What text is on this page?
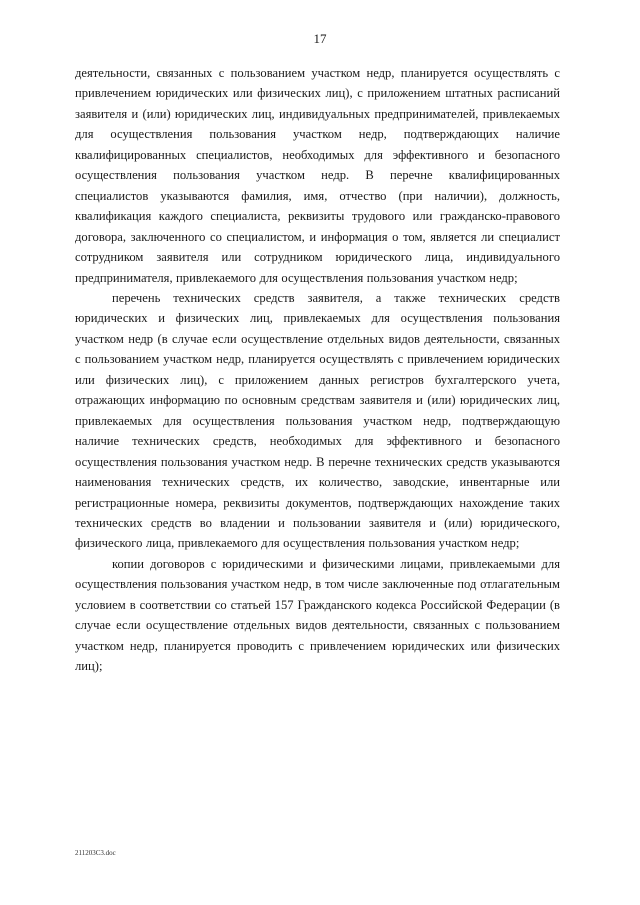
17

деятельности, связанных с пользованием участком недр, планируется осуществлять с привлечением юридических или физических лиц), с приложением штатных расписаний заявителя и (или) юридических лиц, индивидуальных предпринимателей, привлекаемых для осуществления пользования участком недр, подтверждающих наличие квалифицированных специалистов, необходимых для эффективного и безопасного осуществления пользования участком недр. В перечне квалифицированных специалистов указываются фамилия, имя, отчество (при наличии), должность, квалификация каждого специалиста, реквизиты трудового или гражданско-правового договора, заключенного со специалистом, и информация о том, является ли специалист сотрудником заявителя или сотрудником юридического лица, индивидуального предпринимателя, привлекаемого для осуществления пользования участком недр;

перечень технических средств заявителя, а также технических средств юридических и физических лиц, привлекаемых для осуществления пользования участком недр (в случае если осуществление отдельных видов деятельности, связанных с пользованием участком недр, планируется осуществлять с привлечением юридических или физических лиц), с приложением данных регистров бухгалтерского учета, отражающих информацию по основным средствам заявителя и (или) юридических лиц, привлекаемых для осуществления пользования участком недр, подтверждающую наличие технических средств, необходимых для эффективного и безопасного осуществления пользования участком недр. В перечне технических средств указываются наименования технических средств, их количество, заводские, инвентарные или регистрационные номера, реквизиты документов, подтверждающих нахождение таких технических средств во владении и пользовании заявителя и (или) юридического, физического лица, привлекаемого для осуществления пользования участком недр;

копии договоров с юридическими и физическими лицами, привлекаемыми для осуществления пользования участком недр, в том числе заключенные под отлагательным условием в соответствии со статьей 157 Гражданского кодекса Российской Федерации (в случае если осуществление отдельных видов деятельности, связанных с пользованием участком недр, планируется проводить с привлечением юридических или физических лиц);

211203C3.doc
